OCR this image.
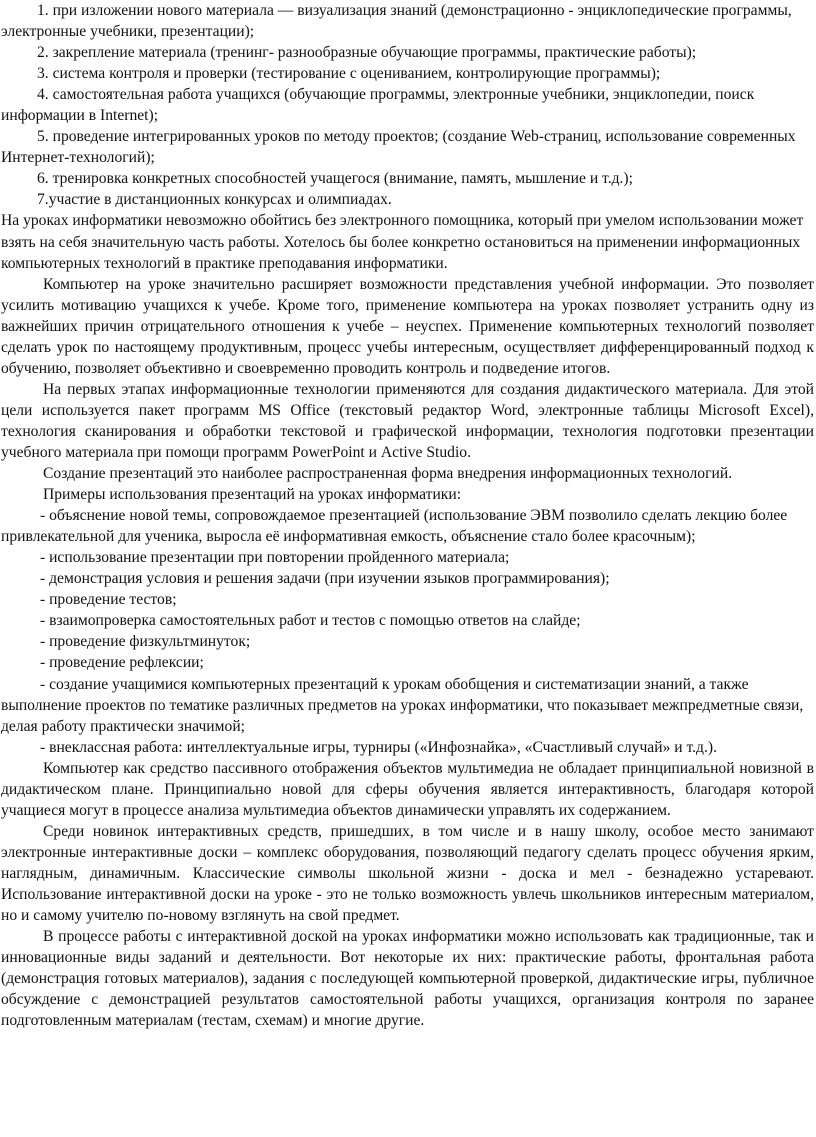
1. при изложении нового материала — визуализация знаний (демонстрационно - энциклопедические программы, электронные учебники, презентации);

2. закрепление материала (тренинг- разнообразные обучающие программы, практические работы);

3. система контроля и проверки (тестирование с оцениванием, контролирующие программы);

4. самостоятельная работа учащихся (обучающие программы, электронные учебники, энциклопедии, поиск информации в Internet);

5. проведение интегрированных уроков по методу проектов; (создание Web-страниц, использование современных Интернет-технологий);

6. тренировка конкретных способностей учащегося (внимание, память, мышление и т.д.);

7.участие в дистанционных конкурсах и олимпиадах.

На уроках информатики невозможно обойтись без электронного помощника, который при умелом использовании может взять на себя значительную часть работы. Хотелось бы более конкретно остановиться на применении информационных компьютерных технологий в практике преподавания информатики.

Компьютер на уроке значительно расширяет возможности представления учебной информации. Это позволяет усилить мотивацию учащихся к учебе. Кроме того, применение компьютера на уроках позволяет устранить одну из важнейших причин отрицательного отношения к учебе – неуспех. Применение компьютерных технологий позволяет сделать урок по настоящему продуктивным, процесс учебы интересным, осуществляет дифференцированный подход к обучению, позволяет объективно и своевременно проводить контроль и подведение итогов.

На первых этапах информационные технологии применяются для создания дидактического материала. Для этой цели используется пакет программ MS Office (текстовый редактор Word, электронные таблицы Microsoft Excel), технология сканирования и обработки текстовой и графической информации, технология подготовки презентации учебного материала при помощи программ PowerPoint и Active Studio.

Создание презентаций это наиболее распространенная форма внедрения информационных технологий.

Примеры использования презентаций на уроках информатики:

- объяснение новой темы, сопровождаемое презентацией (использование ЭВМ позволило сделать лекцию более привлекательной для ученика, выросла её информативная емкость, объяснение стало более красочным);

- использование презентации при повторении пройденного материала;

- демонстрация условия и решения задачи (при изучении языков программирования);

- проведение тестов;

- взаимопроверка самостоятельных работ и тестов с помощью ответов на слайде;

- проведение физкультминуток;

- проведение рефлексии;

- создание учащимися компьютерных презентаций к урокам обобщения и систематизации знаний, а также выполнение проектов по тематике различных предметов на уроках информатики, что показывает межпредметные связи, делая работу практически значимой;

- внеклассная работа: интеллектуальные игры, турниры («Инфознайка», «Счастливый случай» и т.д.).

Компьютер как средство пассивного отображения объектов мультимедиа не обладает принципиальной новизной в дидактическом плане. Принципиально новой для сферы обучения является интерактивность, благодаря которой учащиеся могут в процессе анализа мультимедиа объектов динамически управлять их содержанием.

Среди новинок интерактивных средств, пришедших, в том числе и в нашу школу, особое место занимают электронные интерактивные доски – комплекс оборудования, позволяющий педагогу сделать процесс обучения ярким, наглядным, динамичным. Классические символы школьной жизни - доска и мел - безнадежно устаревают. Использование интерактивной доски на уроке - это не только возможность увлечь школьников интересным материалом, но и самому учителю по-новому взглянуть на свой предмет.

В процессе работы с интерактивной доской на уроках информатики можно использовать как традиционные, так и инновационные виды заданий и деятельности. Вот некоторые их них: практические работы, фронтальная работа (демонстрация готовых материалов), задания с последующей компьютерной проверкой, дидактические игры, публичное обсуждение с демонстрацией результатов самостоятельной работы учащихся, организация контроля по заранее подготовленным материалам (тестам, схемам) и многие другие.
